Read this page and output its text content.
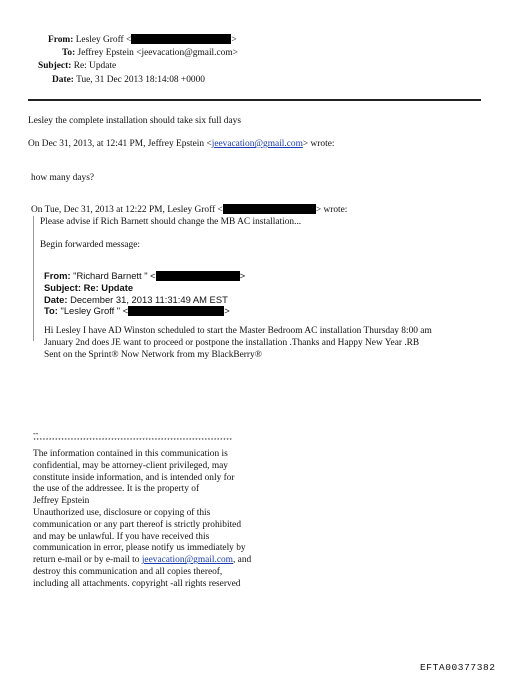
From: Lesley Groff <	>
To: Jeffrey Epstein <jeevacation@gmail.com>
Subject: Re: Update
Date: Tue, 31 Dec 2013 18:14:08 +0000
Lesley the complete installation should take six full days
On Dec 31, 2013, at 12:41 PM, Jeffrey Epstein <jeevacation@gmail.com> wrote:
how many days?
On Tue, Dec 31, 2013 at 12:22 PM, Lesley Groff <	> wrote:
Please advise if Rich Barnett should change the MB AC installation...
Begin forwarded message:
From: "Richard Barnett " <	>
Subject: Re: Update
Date: December 31, 2013 11:31:49 AM EST
To: "Lesley Groff " <	>
Hi Lesley I have AD Winston scheduled to start the Master Bedroom AC installation Thursday 8:00 am
January 2nd does JE want to proceed or postpone the installation .Thanks and Happy New Year .RB
Sent on the Sprint® Now Network from my BlackBerry®
--
****************************************************************
The information contained in this communication is
confidential, may be attorney-client privileged, may
constitute inside information, and is intended only for
the use of the addressee. It is the property of
Jeffrey Epstein
Unauthorized use, disclosure or copying of this
communication or any part thereof is strictly prohibited
and may be unlawful. If you have received this
communication in error, please notify us immediately by
return e-mail or by e-mail to jeevacation@gmail.com, and
destroy this communication and all copies thereof,
including all attachments. copyright -all rights reserved
EFTA00377382
